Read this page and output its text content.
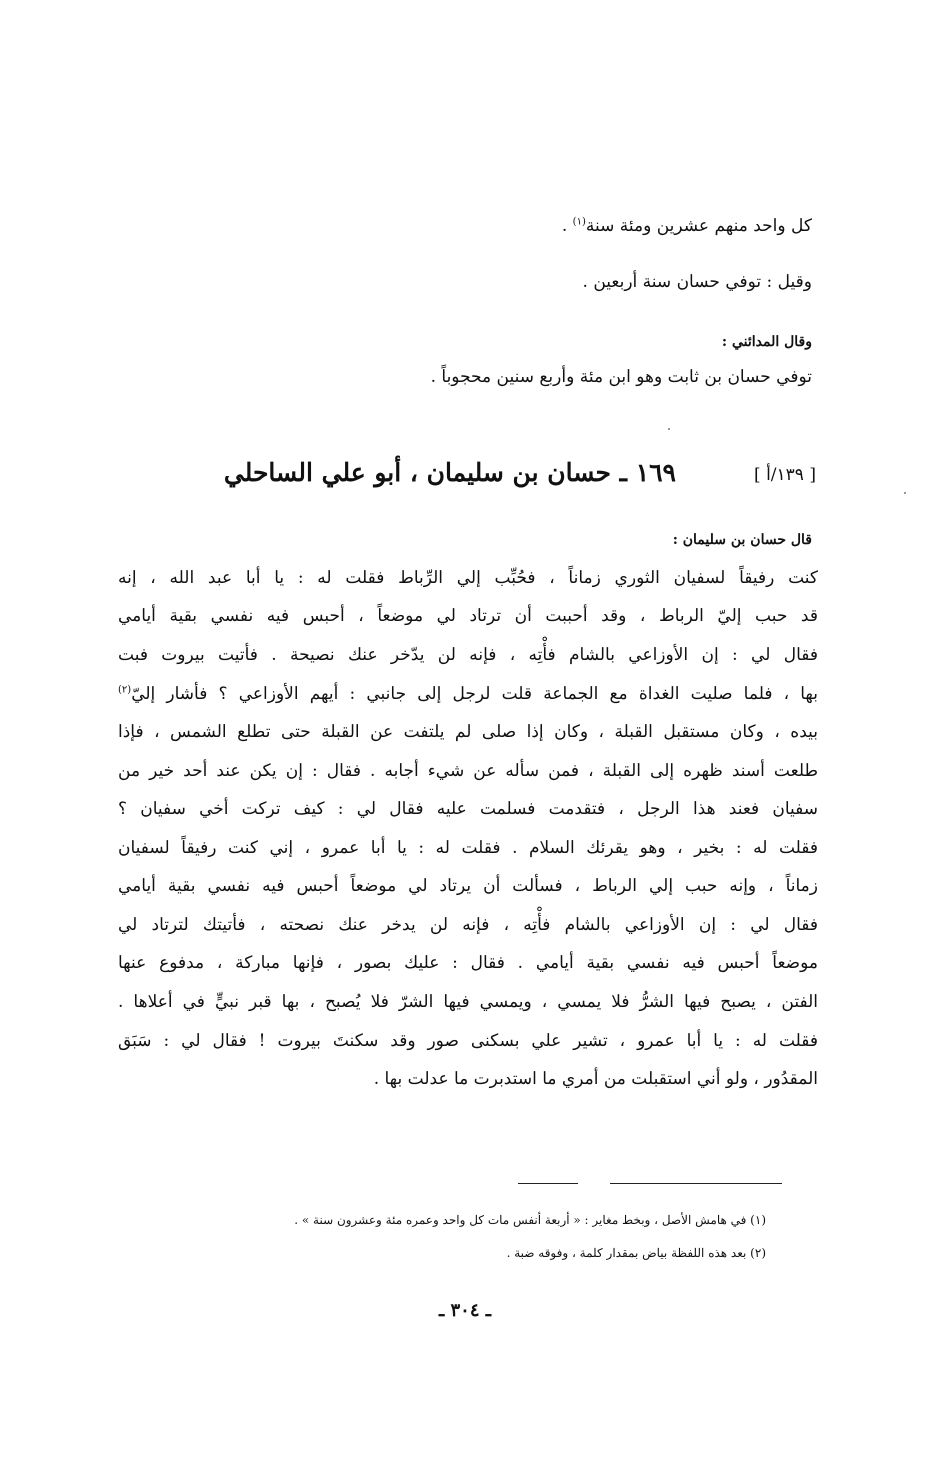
كل واحد منهم عشرين ومئة سنة$^{(١)}$ .
وقيل : توفي حسان سنة أربعين .
وقال المدائني :
توفي حسان بن ثابت وهو ابن مئة وأربع سنين محجوباً .
[ ١٣٩/أ ]
١٦٩ ـ حسان بن سليمان ، أبو علي الساحلي
قال حسان بن سليمان :
كنت رفيقاً لسفيان الثوري زماناً ، فحُبِّب إلي الرِّباط فقلت له : يا أبا عبد الله ، إنه
قد حبب إليّ الرباط ، وقد أحببت أن ترتاد لي موضعاً ، أحبس فيه نفسي بقية أيامي
فقال لي : إن الأوزاعي بالشام فأْتِه ، فإنه لن يدّخر عنك نصيحة . فأتيت بيروت فبت
بها ، فلما صليت الغداة مع الجماعة قلت لرجل إلى جانبي : أيهم الأوزاعي ؟ فأشار إليّ$^{(٢)}$
بيده ، وكان مستقبل القبلة ، وكان إذا صلى لم يلتفت عن القبلة حتى تطلع الشمس ، فإذا
طلعت أسند ظهره إلى القبلة ، فمن سأله عن شيء أجابه . فقال : إن يكن عند أحد خير من
سفيان فعند هذا الرجل ، فتقدمت فسلمت عليه فقال لي : كيف تركت أخي سفيان ؟
فقلت له : بخير ، وهو يقرئك السلام . فقلت له : يا أبا عمرو ، إني كنت رفيقاً لسفيان
زماناً ، وإنه حبب إلي الرباط ، فسألت أن يرتاد لي موضعاً أحبس فيه نفسي بقية أيامي
فقال لي : إن الأوزاعي بالشام فأْتِه ، فإنه لن يدخر عنك نصحته ، فأتيتك لترتاد لي
موضعاً أحبس فيه نفسي بقية أيامي . فقال : عليك بصور ، فإنها مباركة ، مدفوع عنها
الفتن ، يصبح فيها الشرُّ فلا يمسي ، ويمسي فيها الشرّ فلا يُصبح ، بها قبر نبيٍّ في أعلاها .
فقلت له : يا أبا عمرو ، تشير علي بسكنى صور وقد سكنتَ بيروت ! فقال لي : سَبَق
المقدُور ، ولو أني استقبلت من أمري ما استدبرت ما عدلت بها .
(١) في هامش الأصل ، وبخط مغاير : « أربعة أنفس مات كل واحد وعمره مئة وعشرون سنة » .
(٢) بعد هذه اللفظة بياض بمقدار كلمة ، وفوقه ضبة .
ـ ٣٠٤ ـ
